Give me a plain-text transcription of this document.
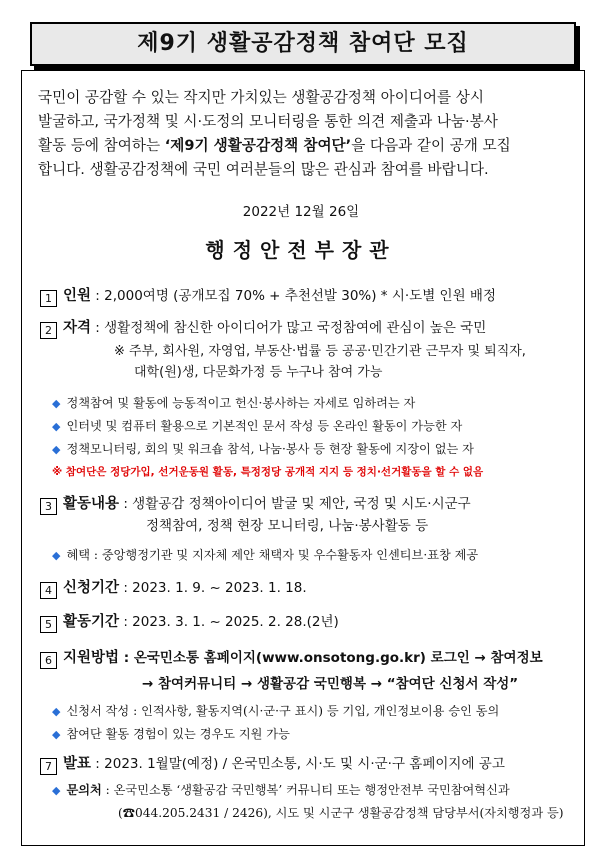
제9기 생활공감정책 참여단 모집
국민이 공감할 수 있는 작지만 가치있는 생활공감정책 아이디어를 상시
발굴하고, 국가정책 및 시·도정의 모니터링을 통한 의견 제출과 나눔·봉사
활동 등에 참여하는 ‘제9기 생활공감정책 참여단’을 다음과 같이 공개 모집
합니다. 생활공감정책에 국민 여러분들의 많은 관심과 참여를 바랍니다.
2022년 12월 26일
행정안전부장관
1 인원 : 2,000여명 (공개모집 70% + 추천선발 30%) * 시·도별 인원 배정
2 자격 : 생활정책에 참신한 아이디어가 많고 국정참여에 관심이 높은 국민
※ 주부, 회사원, 자영업, 부동산·법률 등 공공·민간기관 근무자 및 퇴직자,
대학(원)생, 다문화가정 등 누구나 참여 가능
◆ 정책참여 및 활동에 능동적이고 헌신·봉사하는 자세로 임하려는 자
◆ 인터넷 및 컴퓨터 활용으로 기본적인 문서 작성 등 온라인 활동이 가능한 자
◆ 정책모니터링, 회의 및 워크숍 참석, 나눔·봉사 등 현장 활동에 지장이 없는 자
※ 참여단은 정당가입, 선거운동원 활동, 특정정당 공개적 지지 등 정치·선거활동을 할 수 없음
3 활동내용 : 생활공감 정책아이디어 발굴 및 제안, 국정 및 시도·시군구
정책참여, 정책 현장 모니터링, 나눔·봉사활동 등
◆ 혜택 : 중앙행정기관 및 지자체 제안 채택자 및 우수활동자 인센티브·표창 제공
4 신청기간 : 2023. 1. 9. ~ 2023. 1. 18.
5 활동기간 : 2023. 3. 1. ~ 2025. 2. 28.(2년)
6 지원방법 : 온국민소통 홈페이지(www.onsotong.go.kr) 로그인 → 참여정보
→ 참여커뮤니티 → 생활공감 국민행복 → “참여단 신청서 작성”
◆ 신청서 작성 : 인적사항, 활동지역(시·군·구 표시) 등 기입, 개인정보이용 승인 동의
◆ 참여단 활동 경험이 있는 경우도 지원 가능
7 발표 : 2023. 1월말(예정) / 온국민소통, 시·도 및 시·군·구 홈페이지에 공고
◆ 문의처 : 온국민소통 ‘생활공감 국민행복’ 커뮤니티 또는 행정안전부 국민참여혁신과
(☎044.205.2431 / 2426), 시도 및 시군구 생활공감정책 담당부서(자치행정과 등)
